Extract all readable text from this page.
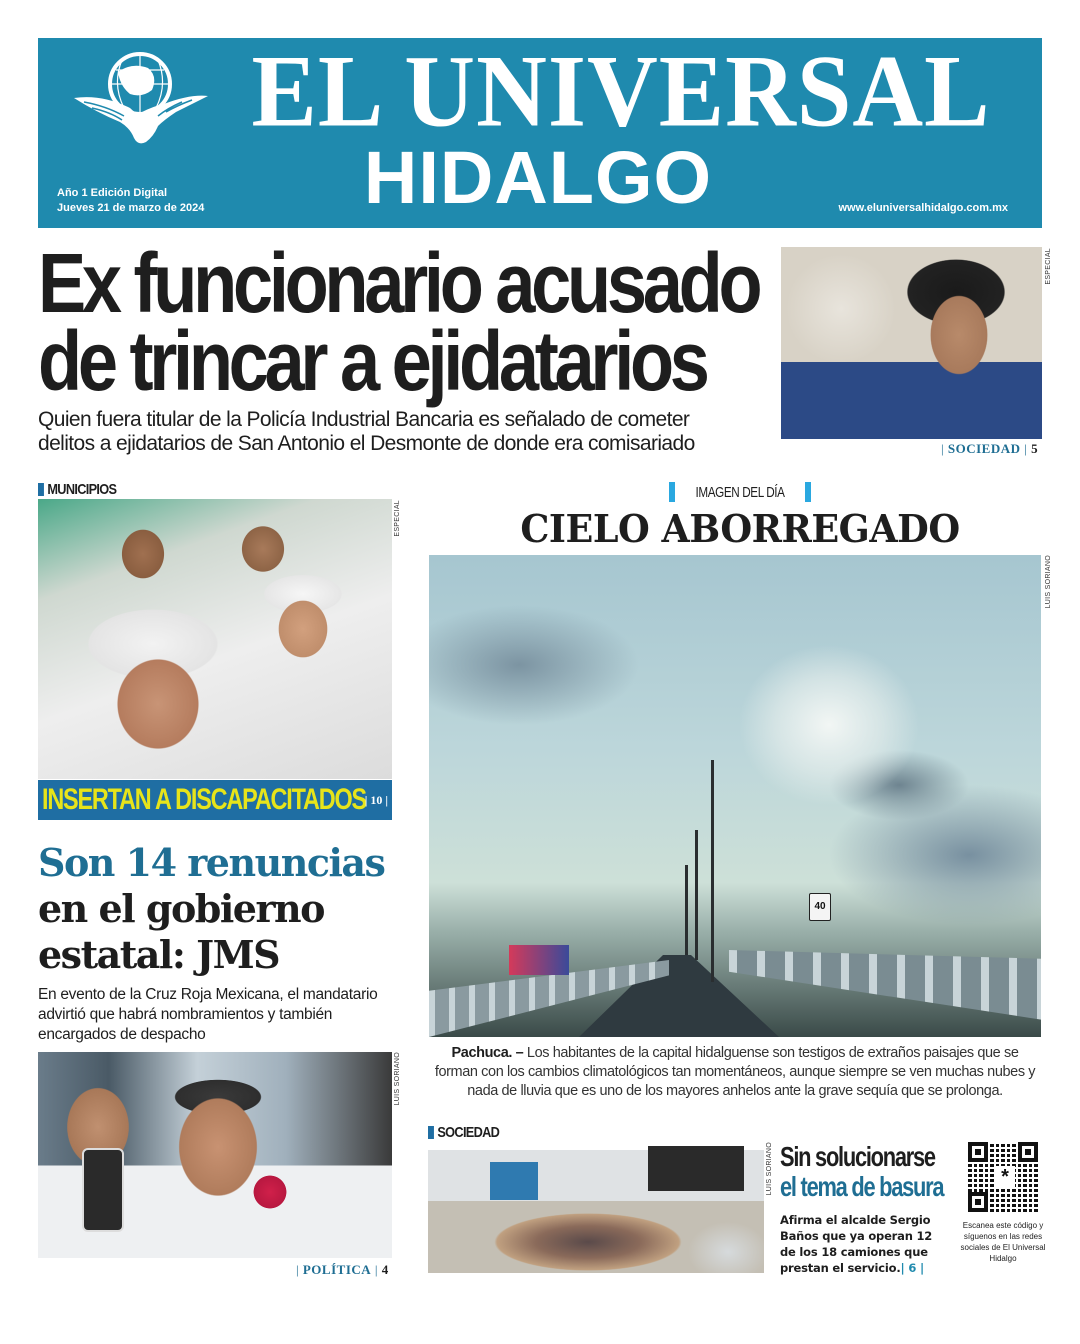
EL UNIVERSAL
HIDALGO
Año 1 Edición Digital
Jueves 21 de marzo de 2024	www.eluniversalhidalgo.com.mx
Ex funcionario acusado
de trincar a ejidatarios

Quien fuera titular de la Policía Industrial Bancaria es señalado de cometer
delitos a ejidatarios de San Antonio el Desmonte de donde era comisariado

ESPECIAL
| SOCIEDAD | 5
MUNICIPIOS
ESPECIAL
INSERTAN A DISCAPACITADOS
| 10 |
Son 14 renuncias
en el gobierno
estatal: JMS

En evento de la Cruz Roja Mexicana, el mandatario advirtió que habrá nombramientos y también encargados de despacho

LUIS SORIANO
| POLÍTICA | 4
IMAGEN DEL DÍA
CIELO ABORREGADO
40
LUIS SORIANO

Pachuca. – Los habitantes de la capital hidalguense son testigos de extraños paisajes que se forman con los cambios climatológicos tan momentáneos, aunque siempre se ven muchas nubes y nada de lluvia que es uno de los mayores anhelos ante la grave sequía que se prolonga.

SOCIEDAD
LUIS SORIANO Sin solucionarse
el tema de basura

Afirma el alcalde Sergio Baños que ya operan 12 de los 18 camiones que prestan el servicio.| 6 |

*

Escanea este código y síguenos en las redes sociales de El Universal Hidalgo
